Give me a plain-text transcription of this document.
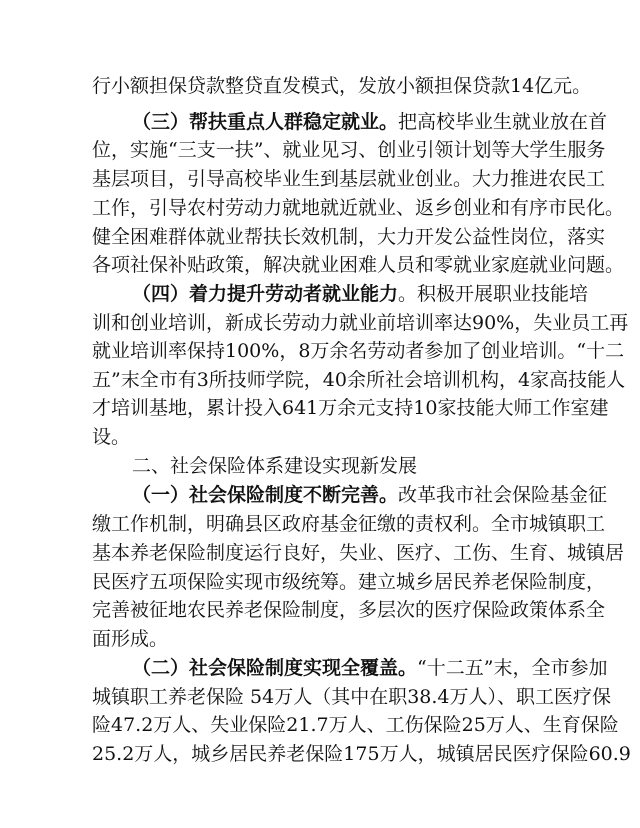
行小额担保贷款整贷直发模式，发放小额担保贷款14亿元。
（三）帮扶重点人群稳定就业。把高校毕业生就业放在首
位，实施“三支一扶”、就业见习、创业引领计划等大学生服务
基层项目，引导高校毕业生到基层就业创业。大力推进农民工
工作，引导农村劳动力就地就近就业、返乡创业和有序市民化。
健全困难群体就业帮扶长效机制，大力开发公益性岗位，落实
各项社保补贴政策，解决就业困难人员和零就业家庭就业问题。
（四）着力提升劳动者就业能力。积极开展职业技能培
训和创业培训，新成长劳动力就业前培训率达90%，失业员工再
就业培训率保持100%，8万余名劳动者参加了创业培训。“十二
五”末全市有3所技师学院，40余所社会培训机构，4家高技能人
才培训基地，累计投入641万余元支持10家技能大师工作室建
设。
二、社会保险体系建设实现新发展
（一）社会保险制度不断完善。改革我市社会保险基金征
缴工作机制，明确县区政府基金征缴的责权利。全市城镇职工
基本养老保险制度运行良好，失业、医疗、工伤、生育、城镇居
民医疗五项保险实现市级统筹。建立城乡居民养老保险制度，
完善被征地农民养老保险制度，多层次的医疗保险政策体系全
面形成。
（二）社会保险制度实现全覆盖。“十二五”末，全市参加
城镇职工养老保险 54万人（其中在职38.4万人）、职工医疗保
险47.2万人、失业保险21.7万人、工伤保险25万人、生育保险
25.2万人，城乡居民养老保险175万人，城镇居民医疗保险60.9
